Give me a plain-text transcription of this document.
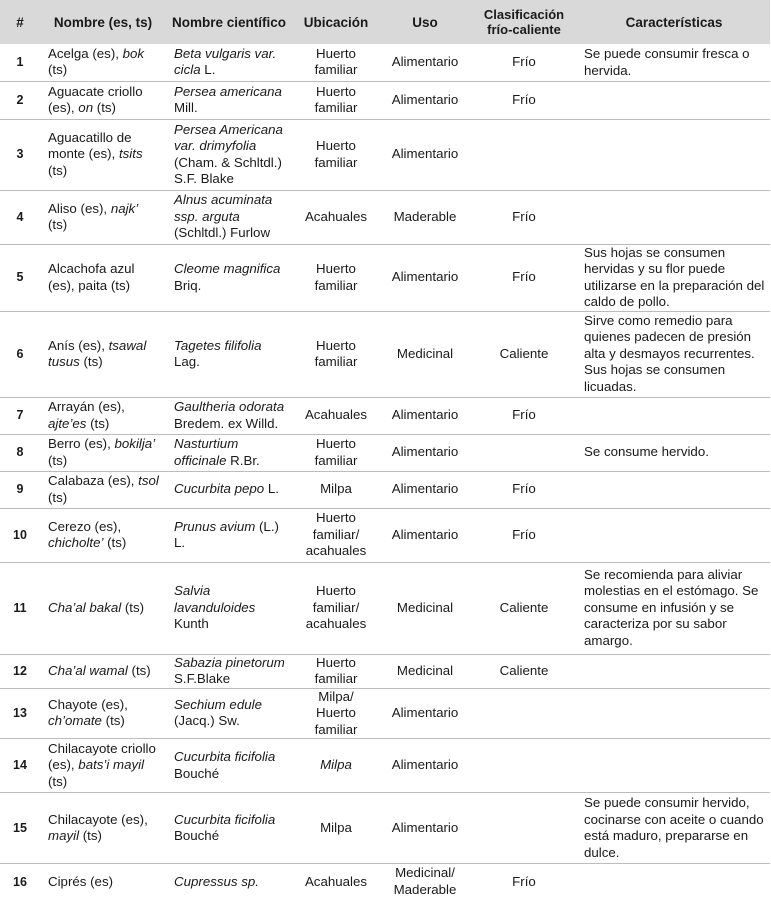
#	Nombre (es, ts)	Nombre científico	Ubicación	Uso	Clasificación
frío-caliente	Características
1	Acelga (es), bok (ts)	Beta vulgaris var. cicla L.	Huerto familiar	Alimentario	Frío	Se puede consumir fresca o hervida.
2	Aguacate criollo (es), on (ts)	Persea americana Mill.	Huerto familiar	Alimentario	Frío	
3	Aguacatillo de monte (es), tsits (ts)	Persea Americana var. drimyfolia (Cham. & Schltdl.) S.F. Blake	Huerto familiar	Alimentario		
4	Aliso (es), najk’ (ts)	Alnus acuminata ssp. arguta (Schltdl.) Furlow	Acahuales	Maderable	Frío	
5	Alcachofa azul (es), paita (ts)	Cleome magnifica Briq.	Huerto familiar	Alimentario	Frío	Sus hojas se consumen hervidas y su flor puede utilizarse en la preparación del caldo de pollo.
6	Anís (es), tsawal tusus (ts)	Tagetes filifolia Lag.	Huerto familiar	Medicinal	Caliente	Sirve como remedio para quienes padecen de presión alta y desmayos recurrentes. Sus hojas se consumen licuadas.
7	Arrayán (es), ajte’es (ts)	Gaultheria odorata Bredem. ex Willd.	Acahuales	Alimentario	Frío	
8	Berro (es), bokilja’ (ts)	Nasturtium officinale R.Br.	Huerto familiar	Alimentario		Se consume hervido.
9	Calabaza (es), tsol (ts)	Cucurbita pepo L.	Milpa	Alimentario	Frío	
10	Cerezo (es), chicholte’ (ts)	Prunus avium (L.) L.	Huerto familiar/ acahuales	Alimentario	Frío	
11	Cha’al bakal (ts)	Salvia lavanduloides Kunth	Huerto familiar/ acahuales	Medicinal	Caliente	Se recomienda para aliviar molestias en el estómago. Se consume en infusión y se caracteriza por su sabor amargo.
12	Cha’al wamal (ts)	Sabazia pinetorum S.F.Blake	Huerto familiar	Medicinal	Caliente	
13	Chayote (es), ch’omate (ts)	Sechium edule (Jacq.) Sw.	Milpa/ Huerto familiar	Alimentario		
14	Chilacayote criollo (es), bats’i mayil (ts)	Cucurbita ficifolia Bouché	Milpa	Alimentario		
15	Chilacayote (es), mayil (ts)	Cucurbita ficifolia Bouché	Milpa	Alimentario		Se puede consumir hervido, cocinarse con aceite o cuando está maduro, prepararse en dulce.
16	Ciprés (es)	Cupressus sp.	Acahuales	Medicinal/ Maderable	Frío	
